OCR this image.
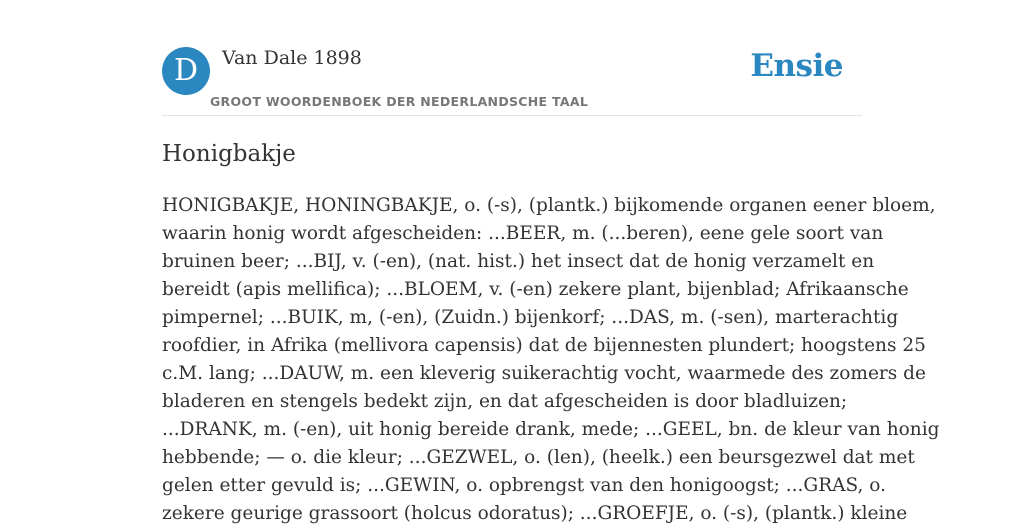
D	Van Dale 1898
GROOT WOORDENBOEK DER NEDERLANDSCHE TAAL
Ensie
Honigbakje

HONIGBAKJE, HONINGBAKJE, o. (-s), (plantk.) bijkomende organen eener bloem,
waarin honig wordt afgescheiden: ...BEER, m. (...beren), eene gele soort van
bruinen beer; ...BIJ, v. (-en), (nat. hist.) het insect dat de honig verzamelt en
bereidt (apis mellifica); ...BLOEM, v. (-en) zekere plant, bijenblad; Afrikaansche
pimpernel; ...BUIK, m, (-en), (Zuidn.) bijenkorf; ...DAS, m. (-sen), marterachtig
roofdier, in Afrika (mellivora capensis) dat de bijennesten plundert; hoogstens 25
c.M. lang; ...DAUW, m. een kleverig suikerachtig vocht, waarmede des zomers de
bladeren en stengels bedekt zijn, en dat afgescheiden is door bladluizen;
...DRANK, m. (-en), uit honig bereide drank, mede; ...GEEL, bn. de kleur van honig
hebbende; — o. die kleur; ...GEZWEL, o. (len), (heelk.) een beursgezwel dat met
gelen etter gevuld is; ...GEWIN, o. opbrengst van den honigoogst; ...GRAS, o.
zekere geurige grassoort (holcus odoratus); ...GROEFJE, o. (-s), (plantk.) kleine
